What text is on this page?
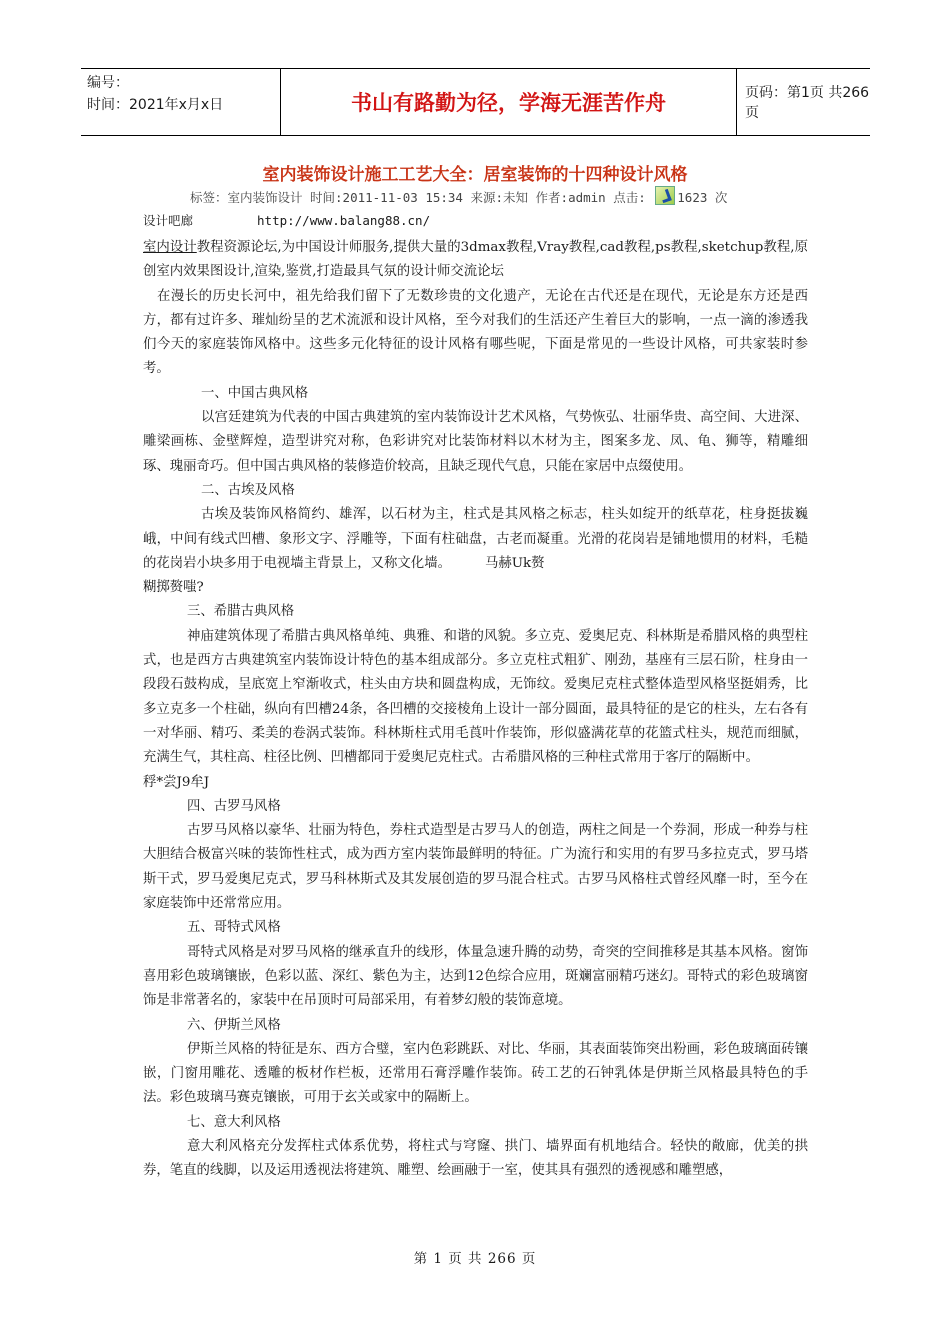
编号：
时间：2021年x月x日	书山有路勤为径，学海无涯苦作舟	页码：第1页 共266页
室内装饰设计施工工艺大全：居室装饰的十四种设计风格
标签：室内装饰设计 时间:2011-11-03 15:34 来源:未知 作者:admin 点击:	1623 次
设计吧廊	http://www.balang88.cn/

室内设计教程资源论坛,为中国设计师服务,提供大量的3dmax教程,Vray教程,cad教程,ps教程,sketchup教程,原创室内效果图设计,渲染,鉴赏,打造最具气氛的设计师交流论坛

在漫长的历史长河中，祖先给我们留下了无数珍贵的文化遗产，无论在古代还是在现代，无论是东方还是西方，都有过许多、璀灿纷呈的艺术流派和设计风格，至今对我们的生活还产生着巨大的影响，一点一滴的渗透我们今天的家庭装饰风格中。这些多元化特征的设计风格有哪些呢，下面是常见的一些设计风格，可共家装时参考。

一、中国古典风格

以宫廷建筑为代表的中国古典建筑的室内装饰设计艺术风格，气势恢弘、壮丽华贵、高空间、大进深、雕梁画栋、金壁辉煌，造型讲究对称，色彩讲究对比装饰材料以木材为主，图案多龙、凤、龟、狮等，精雕细琢、瑰丽奇巧。但中国古典风格的装修造价较高，且缺乏现代气息，只能在家居中点缀使用。

二、古埃及风格

古埃及装饰风格简约、雄浑，以石材为主，柱式是其风格之标志，柱头如绽开的纸草花，柱身挺拔巍峨，中间有线式凹槽、象形文字、浮雕等，下面有柱础盘，古老而凝重。光滑的花岗岩是铺地惯用的材料，毛糙的花岗岩小块多用于电视墙主背景上，又称文化墙。	马赫Uk赘

糊掷赘嗤?

三、希腊古典风格

神庙建筑体现了希腊古典风格单纯、典雅、和谐的风貌。多立克、爱奥尼克、科林斯是希腊风格的典型柱式，也是西方古典建筑室内装饰设计特色的基本组成部分。多立克柱式粗犷、刚劲，基座有三层石阶，柱身由一段段石鼓构成，呈底宽上窄渐收式，柱头由方块和圆盘构成，无饰纹。爱奥尼克柱式整体造型风格坚挺娟秀，比多立克多一个柱础，纵向有凹槽24条，各凹槽的交接棱角上设计一部分圆面，最具特征的是它的柱头，左右各有一对华丽、精巧、柔美的卷涡式装饰。科林斯柱式用毛莨叶作装饰，形似盛满花草的花篮式柱头，规范而细腻，充满生气，其柱高、柱径比例、凹槽都同于爱奥尼克柱式。古希腊风格的三种柱式常用于客厅的隔断中。

稃*尝J9牟J

四、古罗马风格

古罗马风格以豪华、壮丽为特色，券柱式造型是古罗马人的创造，两柱之间是一个券洞，形成一种券与柱大胆结合极富兴味的装饰性柱式，成为西方室内装饰最鲜明的特征。广为流行和实用的有罗马多拉克式，罗马塔斯干式，罗马爱奥尼克式，罗马科林斯式及其发展创造的罗马混合柱式。古罗马风格柱式曾经风靡一时，至今在家庭装饰中还常常应用。

五、哥特式风格

哥特式风格是对罗马风格的继承直升的线形，体量急速升腾的动势，奇突的空间推移是其基本风格。窗饰喜用彩色玻璃镶嵌，色彩以蓝、深红、紫色为主，达到12色综合应用，斑斓富丽精巧迷幻。哥特式的彩色玻璃窗饰是非常著名的，家装中在吊顶时可局部采用，有着梦幻般的装饰意境。

六、伊斯兰风格

伊斯兰风格的特征是东、西方合璧，室内色彩跳跃、对比、华丽，其表面装饰突出粉画，彩色玻璃面砖镶嵌，门窗用雕花、透雕的板材作栏板，还常用石膏浮雕作装饰。砖工艺的石钟乳体是伊斯兰风格最具特色的手法。彩色玻璃马赛克镶嵌，可用于玄关或家中的隔断上。

七、意大利风格

意大利风格充分发挥柱式体系优势，将柱式与穹窿、拱门、墙界面有机地结合。轻快的敞廊，优美的拱券，笔直的线脚，以及运用透视法将建筑、雕塑、绘画融于一室，使其具有强烈的透视感和雕塑感，

第 1 页 共 266 页
